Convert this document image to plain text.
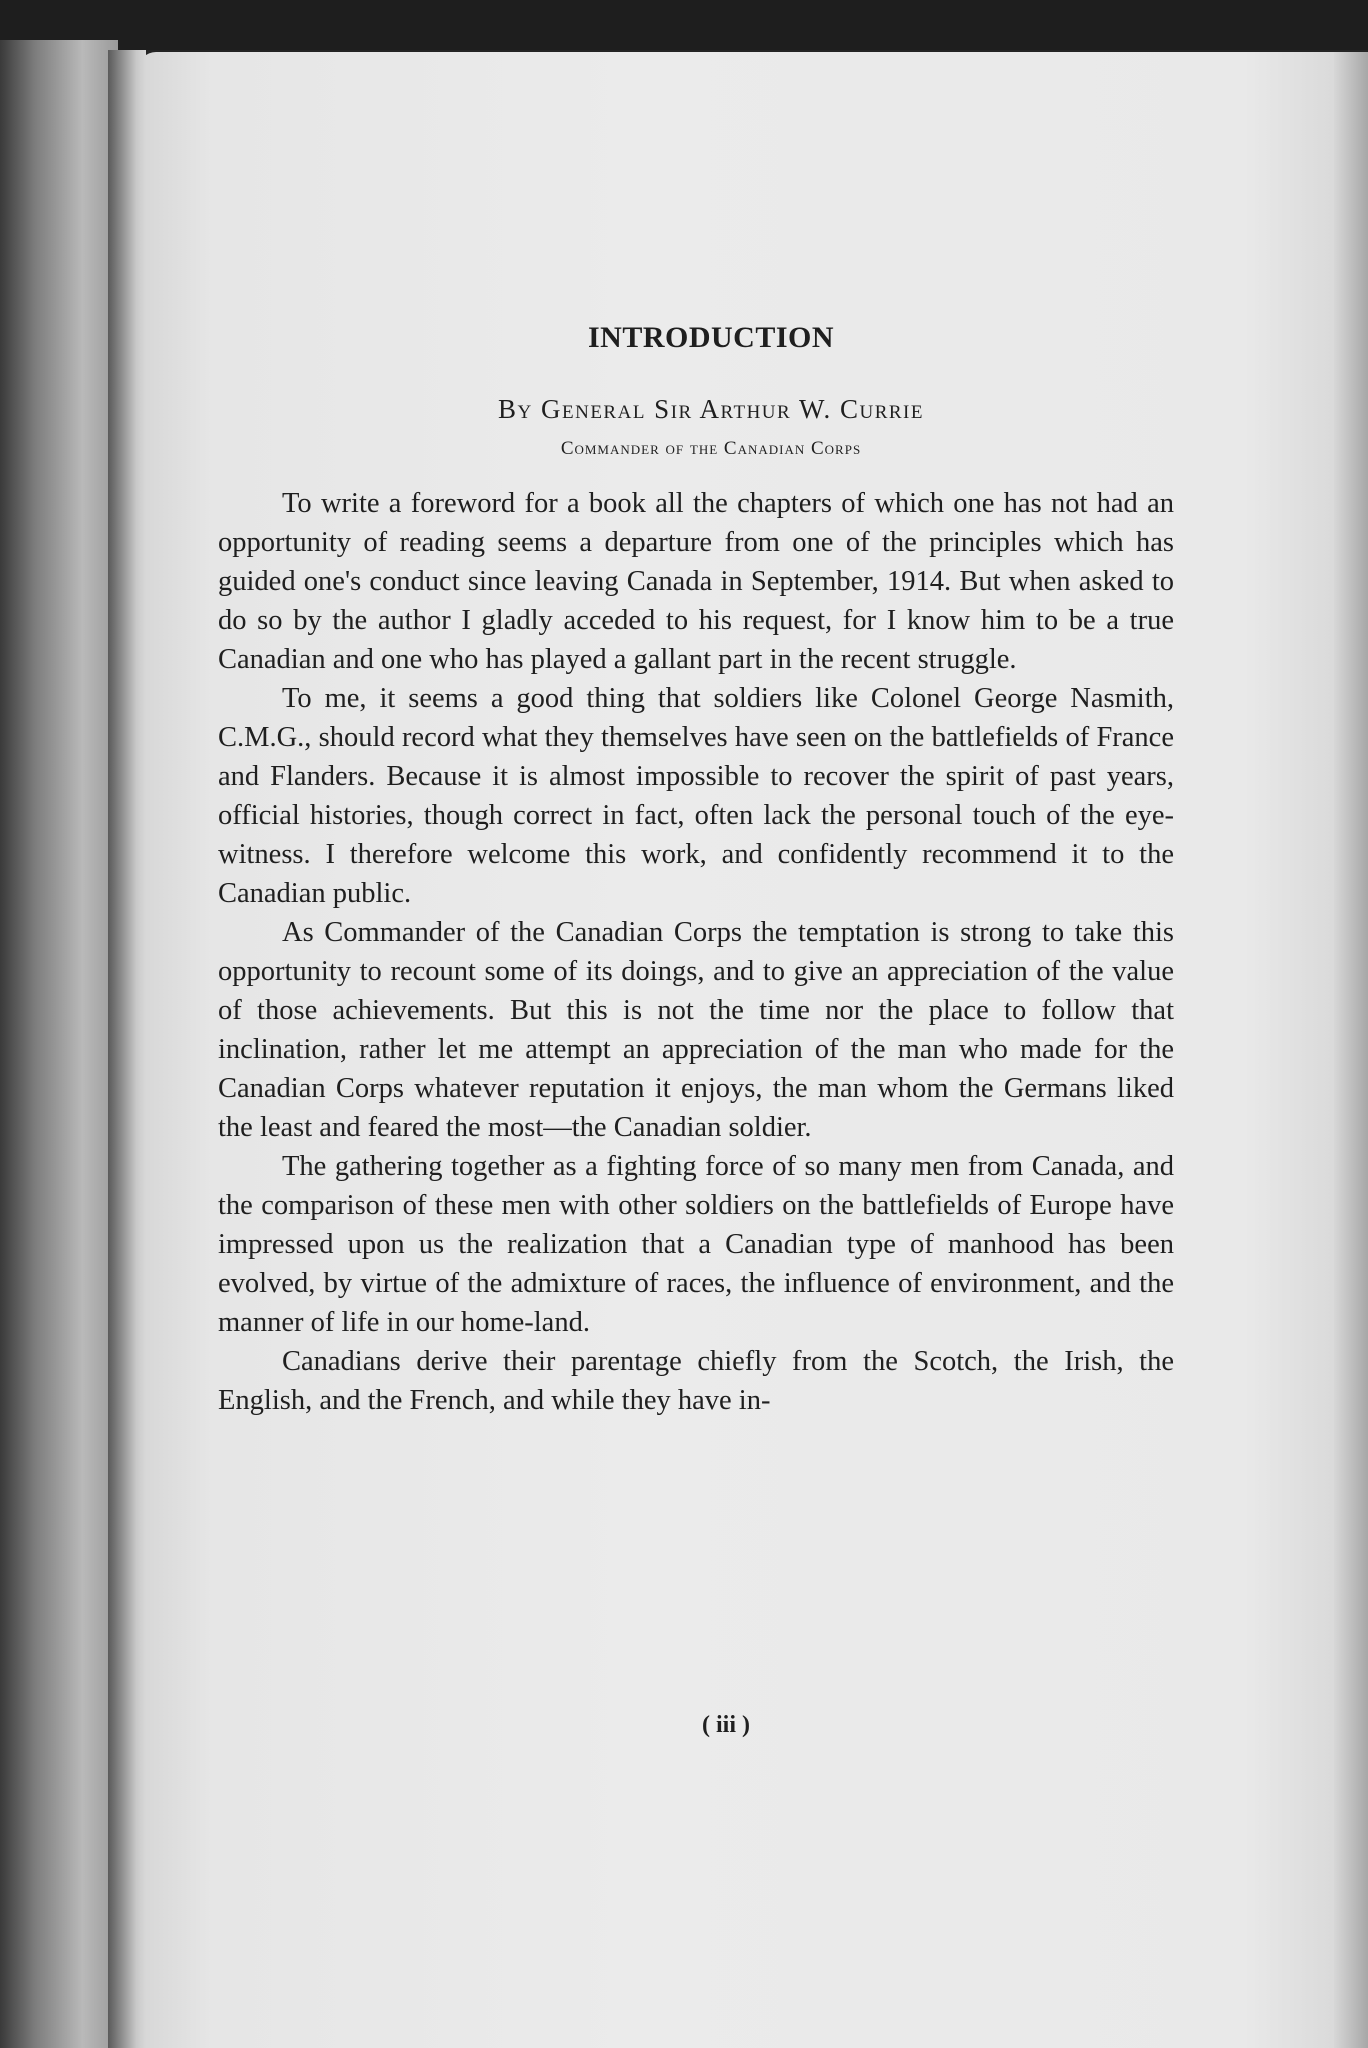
INTRODUCTION

By General Sir Arthur W. Currie

Commander of the Canadian Corps

To write a foreword for a book all the chapters of which one has not had an opportunity of reading seems a departure from one of the principles which has guided one's conduct since leaving Canada in September, 1914. But when asked to do so by the author I gladly acceded to his request, for I know him to be a true Canadian and one who has played a gallant part in the recent struggle.

To me, it seems a good thing that soldiers like Colonel George Nasmith, C.M.G., should record what they themselves have seen on the battlefields of France and Flanders. Because it is almost impossible to recover the spirit of past years, official histories, though correct in fact, often lack the personal touch of the eye-witness. I therefore welcome this work, and confidently recommend it to the Canadian public.

As Commander of the Canadian Corps the temptation is strong to take this opportunity to recount some of its doings, and to give an appreciation of the value of those achievements. But this is not the time nor the place to follow that inclination, rather let me attempt an appreciation of the man who made for the Canadian Corps whatever reputation it enjoys, the man whom the Germans liked the least and feared the most—the Canadian soldier.

The gathering together as a fighting force of so many men from Canada, and the comparison of these men with other soldiers on the battlefields of Europe have impressed upon us the realization that a Canadian type of manhood has been evolved, by virtue of the admixture of races, the influence of environment, and the manner of life in our home-land.

Canadians derive their parentage chiefly from the Scotch, the Irish, the English, and the French, and while they have in-

( iii )
